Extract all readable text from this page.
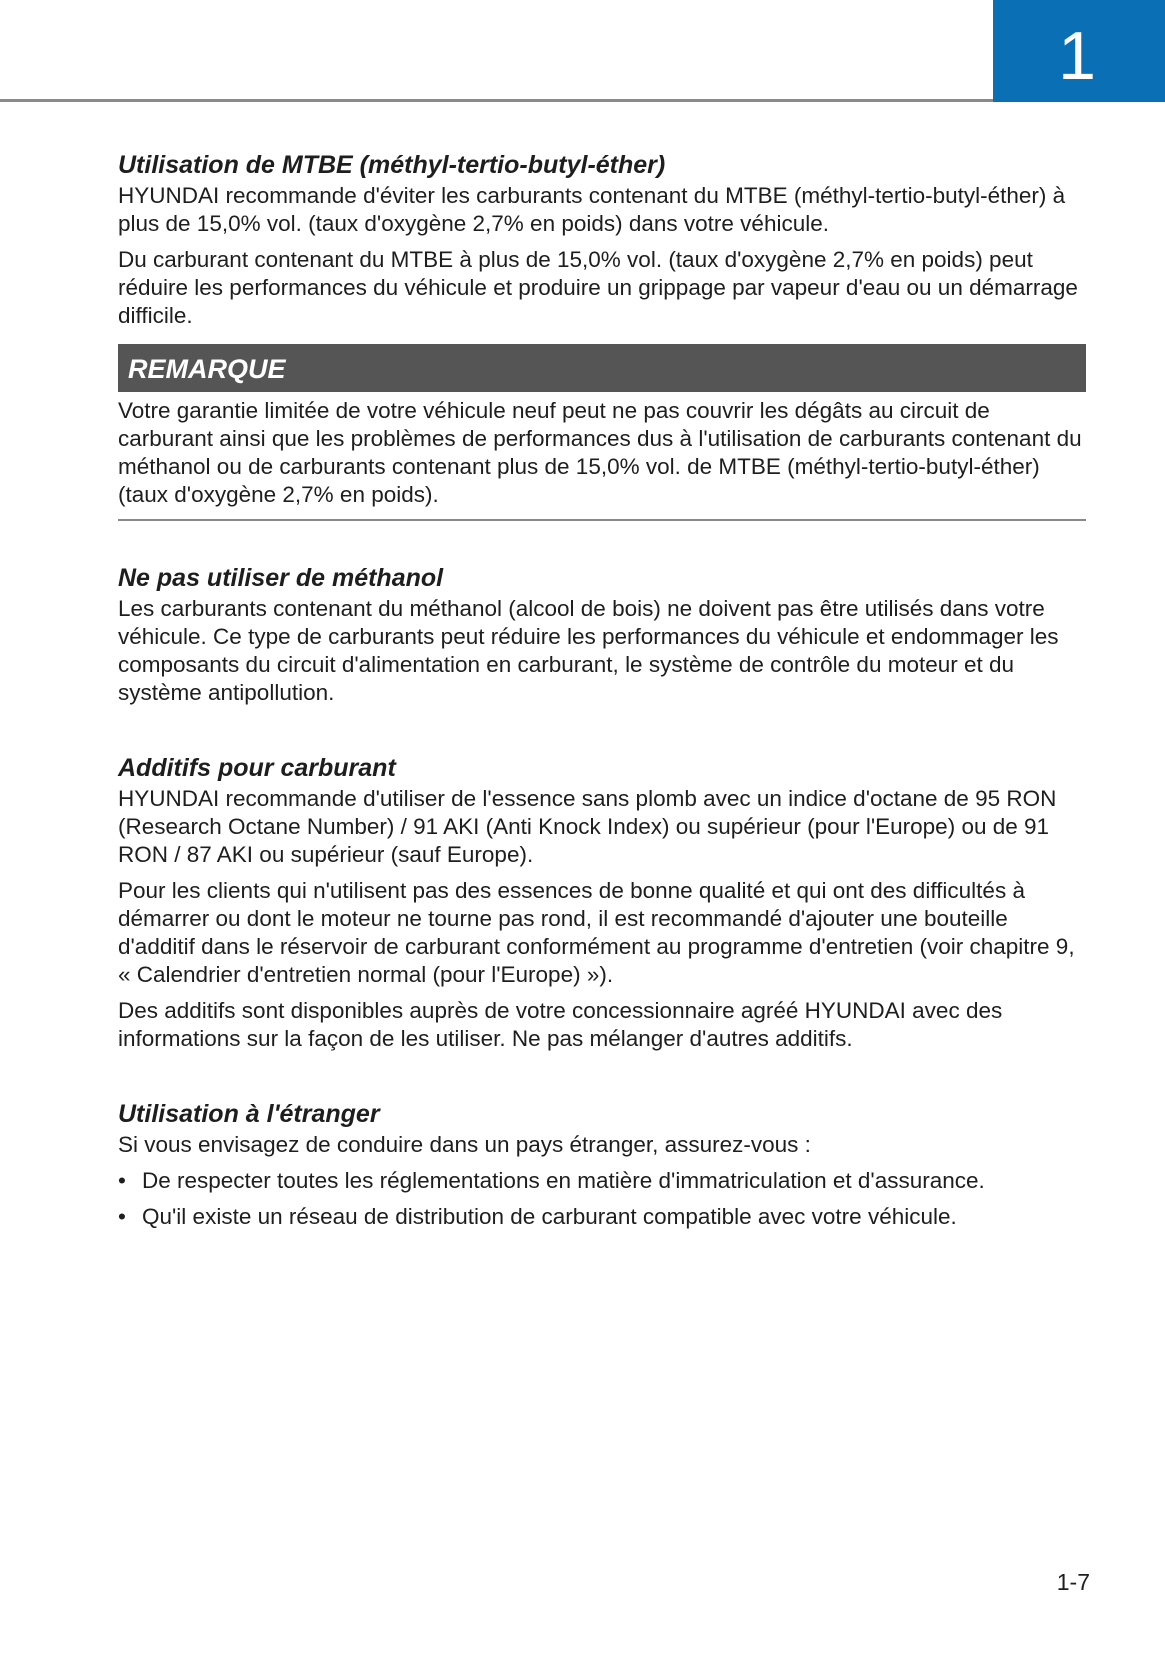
1
Utilisation de MTBE (méthyl-tertio-butyl-éther)

HYUNDAI recommande d'éviter les carburants contenant du MTBE (méthyl-tertio-butyl-éther) à plus de 15,0% vol. (taux d'oxygène 2,7% en poids) dans votre véhicule.

Du carburant contenant du MTBE à plus de 15,0% vol. (taux d'oxygène 2,7% en poids) peut réduire les performances du véhicule et produire un grippage par vapeur d'eau ou un démarrage difficile.

REMARQUE

Votre garantie limitée de votre véhicule neuf peut ne pas couvrir les dégâts au circuit de carburant ainsi que les problèmes de performances dus à l'utilisation de carburants contenant du méthanol ou de carburants contenant plus de 15,0% vol. de MTBE (méthyl-tertio-butyl-éther) (taux d'oxygène 2,7% en poids).

Ne pas utiliser de méthanol

Les carburants contenant du méthanol (alcool de bois) ne doivent pas être utilisés dans votre véhicule. Ce type de carburants peut réduire les performances du véhicule et endommager les composants du circuit d'alimentation en carburant, le système de contrôle du moteur et du système antipollution.

Additifs pour carburant

HYUNDAI recommande d'utiliser de l'essence sans plomb avec un indice d'octane de 95 RON (Research Octane Number) / 91 AKI (Anti Knock Index) ou supérieur (pour l'Europe) ou de 91 RON / 87 AKI ou supérieur (sauf Europe).

Pour les clients qui n'utilisent pas des essences de bonne qualité et qui ont des difficultés à démarrer ou dont le moteur ne tourne pas rond, il est recommandé d'ajouter une bouteille d'additif dans le réservoir de carburant conformément au programme d'entretien (voir chapitre 9, « Calendrier d'entretien normal (pour l'Europe) »).

Des additifs sont disponibles auprès de votre concessionnaire agréé HYUNDAI avec des informations sur la façon de les utiliser. Ne pas mélanger d'autres additifs.

Utilisation à l'étranger

Si vous envisagez de conduire dans un pays étranger, assurez-vous :

• De respecter toutes les réglementations en matière d'immatriculation et d'assurance.
• Qu'il existe un réseau de distribution de carburant compatible avec votre véhicule.
1-7
